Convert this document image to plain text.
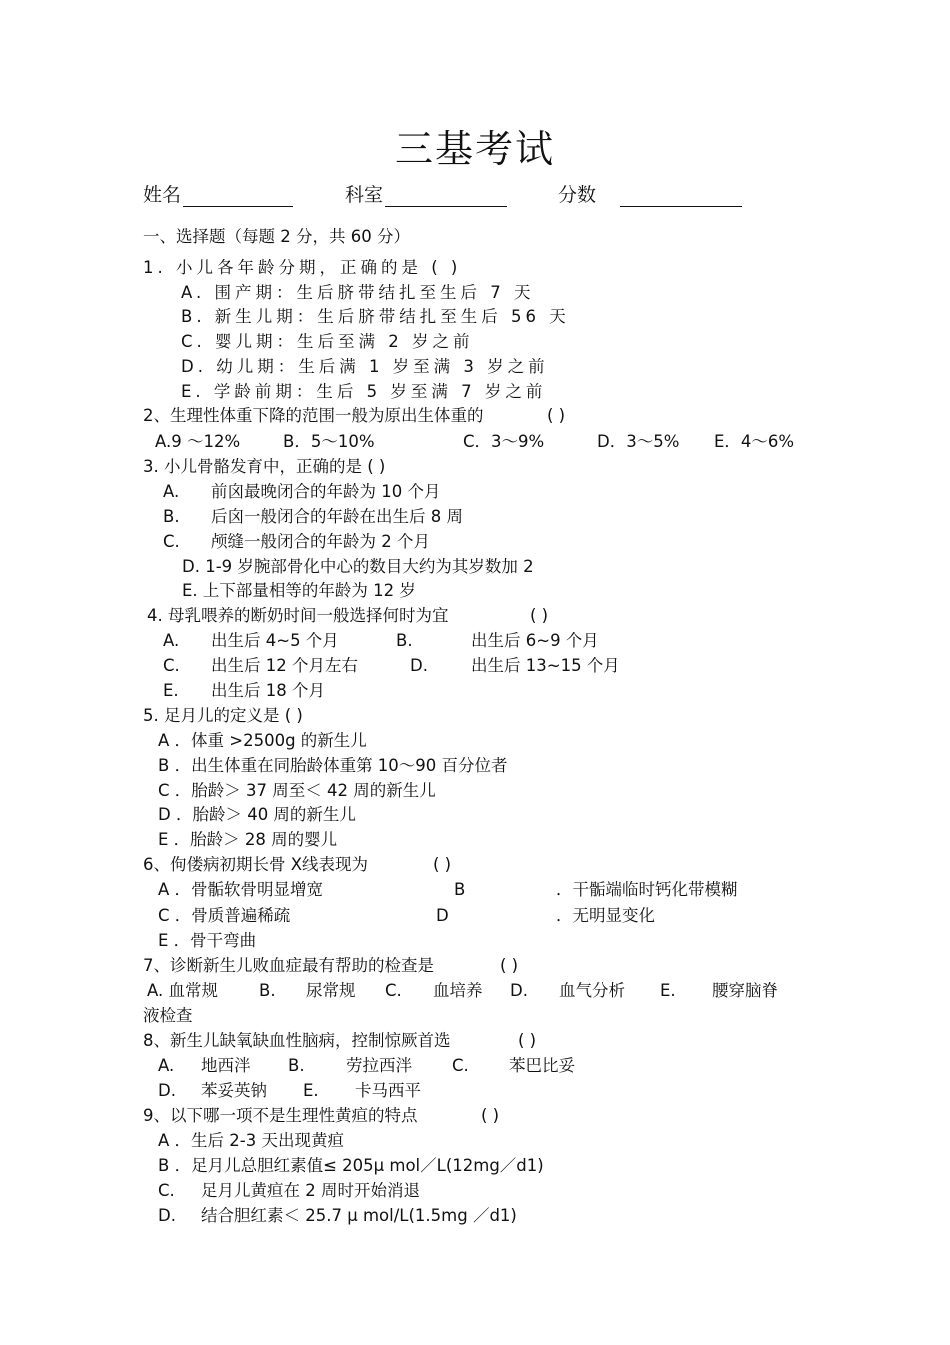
三基考试
姓名	科室	分数
一、选择题（每题 2 分，共 60 分）
1. 小儿各年龄分期，正确的是 ( )
A. 围产期：生后脐带结扎至生后 7 天
B. 新生儿期：生后脐带结扎至生后 56 天
C. 婴儿期：生后至满 2 岁之前
D. 幼儿期：生后满 1 岁至满 3 岁之前
E. 学龄前期：生后 5 岁至满 7 岁之前
2、生理性体重下降的范围一般为原出生体重的	( )
A.9 ～12%	B．5～10%	C．3～9%	D．3～5% E．4～6%
3. 小儿骨骼发育中，正确的是 ( )
A. 前囟最晚闭合的年龄为 10 个月
B. 后囟一般闭合的年龄在出生后 8 周
C. 颅缝一般闭合的年龄为 2 个月
D. 1-9 岁腕部骨化中心的数目大约为其岁数加 2
E. 上下部量相等的年龄为 12 岁
4. 母乳喂养的断奶时间一般选择何时为宜	( )
A. 出生后 4~5 个月	B.	出生后 6~9 个月
C. 出生后 12 个月左右	D.	出生后 13~15 个月
E. 出生后 18 个月
5. 足月儿的定义是 ( )
A ．体重 >2500g 的新生儿
B ．出生体重在同胎龄体重第 10～90 百分位者
C ．胎龄＞ 37 周至＜ 42 周的新生儿
D ．胎龄＞ 40 周的新生儿
E ．胎龄＞ 28 周的婴儿
6、佝偻病初期长骨 X线表现为	( )
A ．骨骺软骨明显增宽	B	．干骺端临时钙化带模糊
C ．骨质普遍稀疏	D	．无明显变化
E ．骨干弯曲
7、诊断新生儿败血症最有帮助的检查是	( )
A. 血常规 B. 尿常规 C. 血培养 D. 血气分析 E. 腰穿脑脊
液检查
8、新生儿缺氧缺血性脑病，控制惊厥首选	( )
A. 地西泮 B.	劳拉西泮 C. 苯巴比妥
D. 苯妥英钠 E. 卡马西平
9、以下哪一项不是生理性黄疸的特点	( )
A ．生后 2-3 天出现黄疸
B ．足月儿总胆红素值≤ 205μ mol／L(12mg／d1)
C. 足月儿黄疸在 2 周时开始消退
D. 结合胆红素＜ 25.7 μ mol/L(1.5mg ／d1)
